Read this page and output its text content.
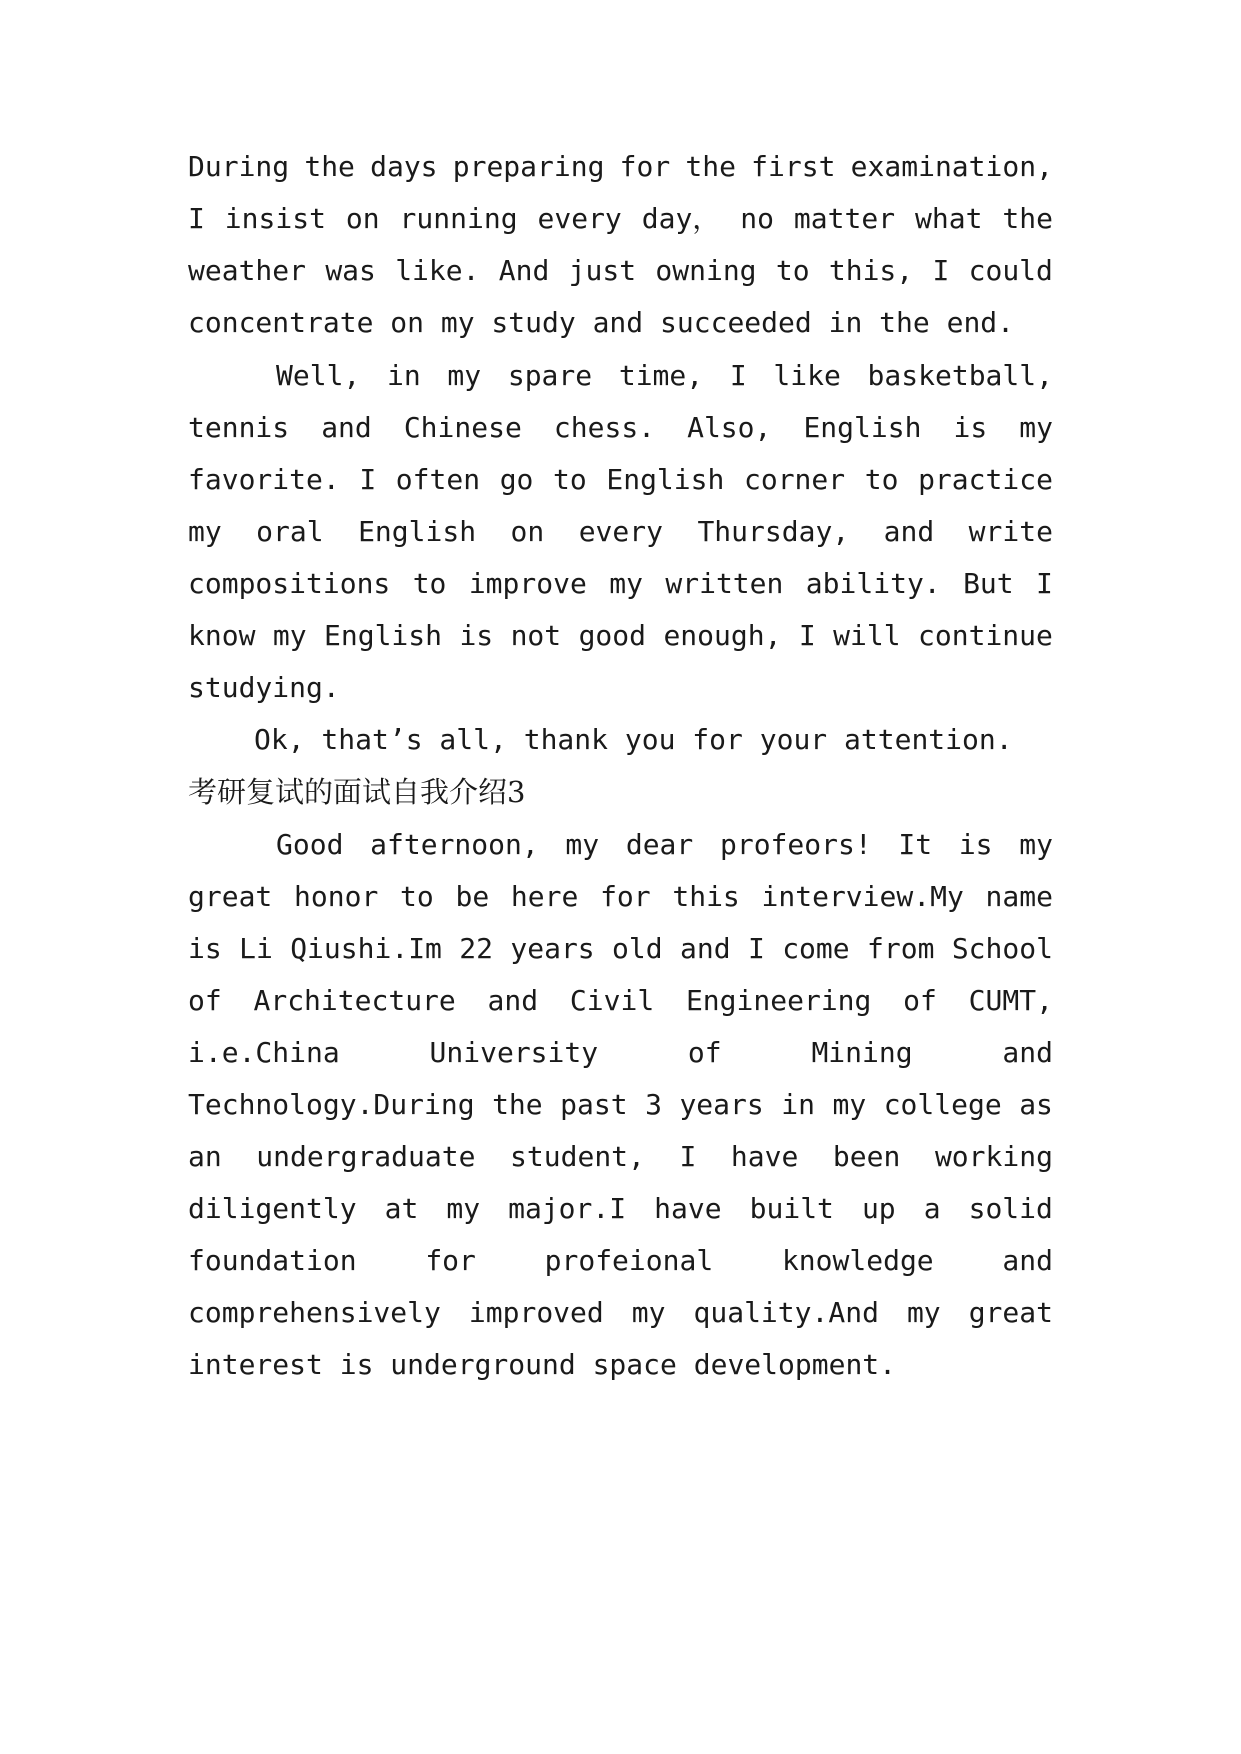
During the days preparing for the first examination,
I insist on running every day， no matter what the
weather was like. And just owning to this, I could
concentrate on my study and succeeded in the end.
Well, in my spare time, I like basketball,
tennis and Chinese chess. Also, English is my
favorite. I often go to English corner to practice
my oral English on every Thursday, and write
compositions to improve my written ability. But I
know my English is not good enough, I will continue
studying.
Ok, that’s all, thank you for your attention.
考研复试的面试自我介绍3
Good afternoon, my dear profeors! It is my
great honor to be here for this interview.My name
is Li Qiushi.Im 22 years old and I come from School
of Architecture and Civil Engineering of CUMT,
i.e.China	University	of	Mining	and
Technology.During the past 3 years in my college as
an undergraduate student, I have been working
diligently at my major.I have built up a solid
foundation for profeional knowledge and
comprehensively improved my quality.And my great
interest is underground space development.
